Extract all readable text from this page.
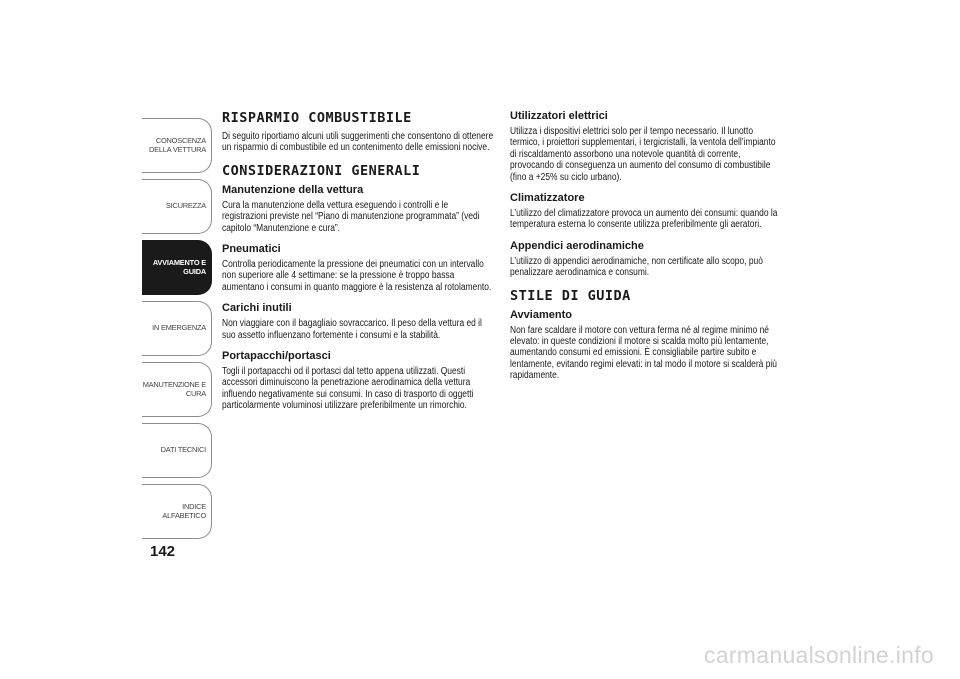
CONOSCENZA
DELLA VETTURA
SICUREZZA
AVVIAMENTO E
GUIDA
IN EMERGENZA
MANUTENZIONE E
CURA
DATI TECNICI
INDICE ALFABETICO
142
RISPARMIO COMBUSTIBILE

Di seguito riportiamo alcuni utili suggerimenti che consentono di ottenere un risparmio di combustibile ed un contenimento delle emissioni nocive.

CONSIDERAZIONI GENERALI
Manutenzione della vettura

Cura la manutenzione della vettura eseguendo i controlli e le registrazioni previste nel “Piano di manutenzione programmata” (vedi capitolo “Manutenzione e cura”.

Pneumatici

Controlla periodicamente la pressione dei pneumatici con un intervallo non superiore alle 4 settimane: se la pressione è troppo bassa aumentano i consumi in quanto maggiore è la resistenza al rotolamento.

Carichi inutili

Non viaggiare con il bagagliaio sovraccarico. Il peso della vettura ed il suo assetto influenzano fortemente i consumi e la stabilità.

Portapacchi/portasci

Togli il portapacchi od il portasci dal tetto appena utilizzati. Questi accessori diminuiscono la penetrazione aerodinamica della vettura influendo negativamente sui consumi. In caso di trasporto di oggetti particolarmente voluminosi utilizzare preferibilmente un rimorchio.

Utilizzatori elettrici

Utilizza i dispositivi elettrici solo per il tempo necessario. Il lunotto termico, i proiettori supplementari, i tergicristalli, la ventola dell’impianto di riscaldamento assorbono una notevole quantità di corrente, provocando di conseguenza un aumento del consumo di combustibile (fino a +25% su ciclo urbano).

Climatizzatore

L’utilizzo del climatizzatore provoca un aumento dei consumi: quando la temperatura esterna lo consente utilizza preferibilmente gli aeratori.

Appendici aerodinamiche

L’utilizzo di appendici aerodinamiche, non certificate allo scopo, può penalizzare aerodinamica e consumi.

STILE DI GUIDA
Avviamento

Non fare scaldare il motore con vettura ferma né al regime minimo né elevato: in queste condizioni il motore si scalda molto più lentamente, aumentando consumi ed emissioni. È consigliabile partire subito e lentamente, evitando regimi elevati: in tal modo il motore si scalderà più rapidamente.

carmanualsonline.info
